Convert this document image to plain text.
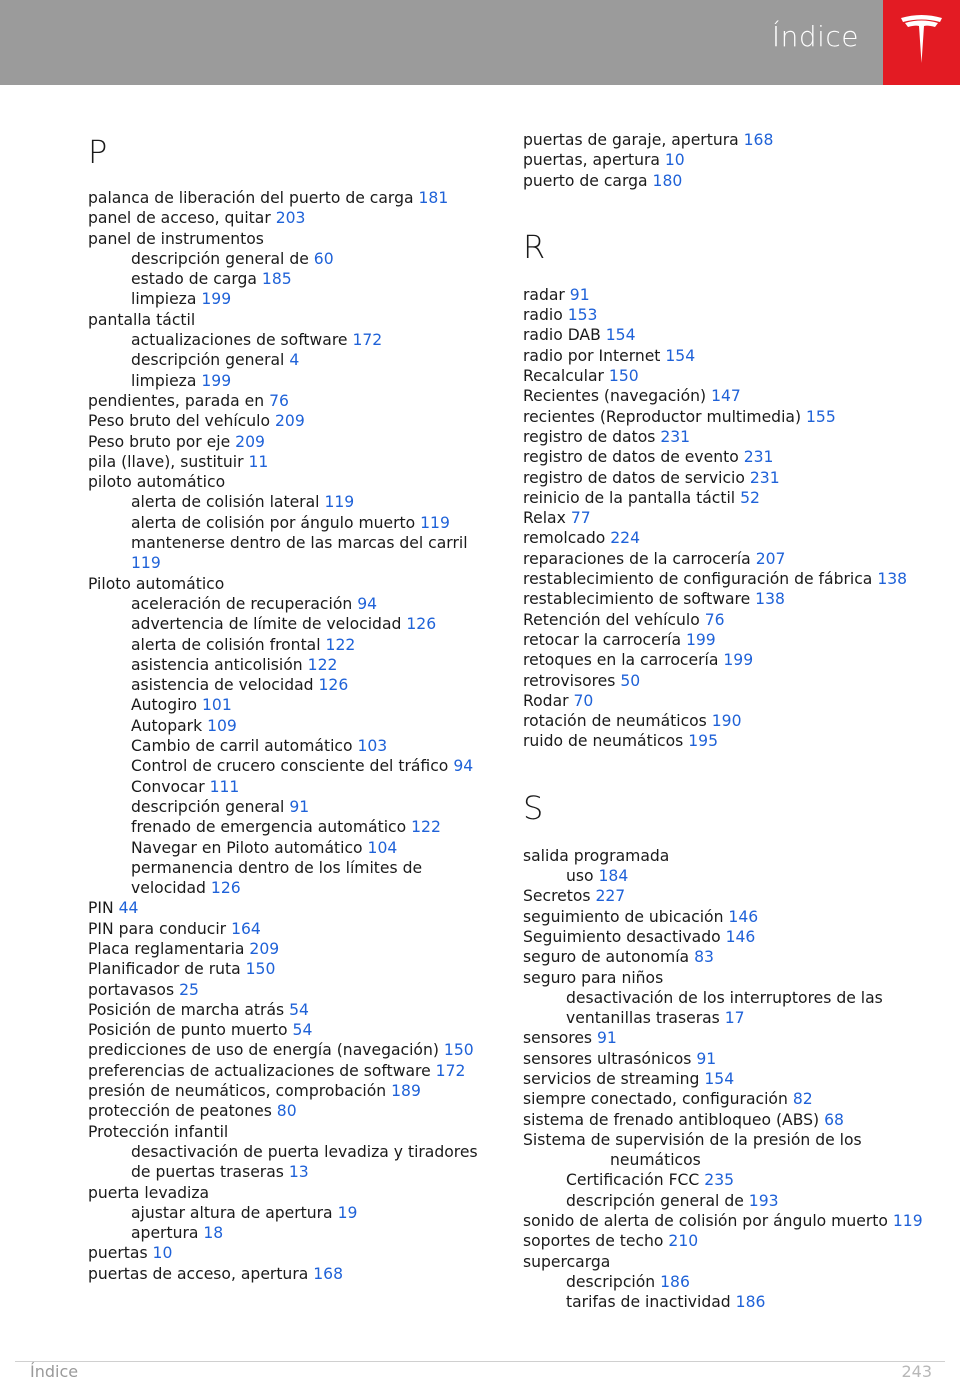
Índice
P
palanca de liberación del puerto de carga 181
panel de acceso, quitar 203
panel de instrumentos
descripción general de 60
estado de carga 185
limpieza 199
pantalla táctil
actualizaciones de software 172
descripción general 4
limpieza 199
pendientes, parada en 76
Peso bruto del vehículo 209
Peso bruto por eje 209
pila (llave), sustituir 11
piloto automático
alerta de colisión lateral 119
alerta de colisión por ángulo muerto 119
mantenerse dentro de las marcas del carril 119
Piloto automático
aceleración de recuperación 94
advertencia de límite de velocidad 126
alerta de colisión frontal 122
asistencia anticolisión 122
asistencia de velocidad 126
Autogiro 101
Autopark 109
Cambio de carril automático 103
Control de crucero consciente del tráfico 94
Convocar 111
descripción general 91
frenado de emergencia automático 122
Navegar en Piloto automático 104
permanencia dentro de los límites de velocidad 126
PIN 44
PIN para conducir 164
Placa reglamentaria 209
Planificador de ruta 150
portavasos 25
Posición de marcha atrás 54
Posición de punto muerto 54
predicciones de uso de energía (navegación) 150
preferencias de actualizaciones de software 172
presión de neumáticos, comprobación 189
protección de peatones 80
Protección infantil
desactivación de puerta levadiza y tiradores de puertas traseras 13
puerta levadiza
ajustar altura de apertura 19
apertura 18
puertas 10
puertas de acceso, apertura 168
puertas de garaje, apertura 168
puertas, apertura 10
puerto de carga 180
R
radar 91
radio 153
radio DAB 154
radio por Internet 154
Recalcular 150
Recientes (navegación) 147
recientes (Reproductor multimedia) 155
registro de datos 231
registro de datos de evento 231
registro de datos de servicio 231
reinicio de la pantalla táctil 52
Relax 77
remolcado 224
reparaciones de la carrocería 207
restablecimiento de configuración de fábrica 138
restablecimiento de software 138
Retención del vehículo 76
retocar la carrocería 199
retoques en la carrocería 199
retrovisores 50
Rodar 70
rotación de neumáticos 190
ruido de neumáticos 195
S
salida programada
uso 184
Secretos 227
seguimiento de ubicación 146
Seguimiento desactivado 146
seguro de autonomía 83
seguro para niños
desactivación de los interruptores de las ventanillas traseras 17
sensores 91
sensores ultrasónicos 91
servicios de streaming 154
siempre conectado, configuración 82
sistema de frenado antibloqueo (ABS) 68
Sistema de supervisión de la presión de los
neumáticos
Certificación FCC 235
descripción general de 193
sonido de alerta de colisión por ángulo muerto 119
soportes de techo 210
supercarga
descripción 186
tarifas de inactividad 186
Índice	243
